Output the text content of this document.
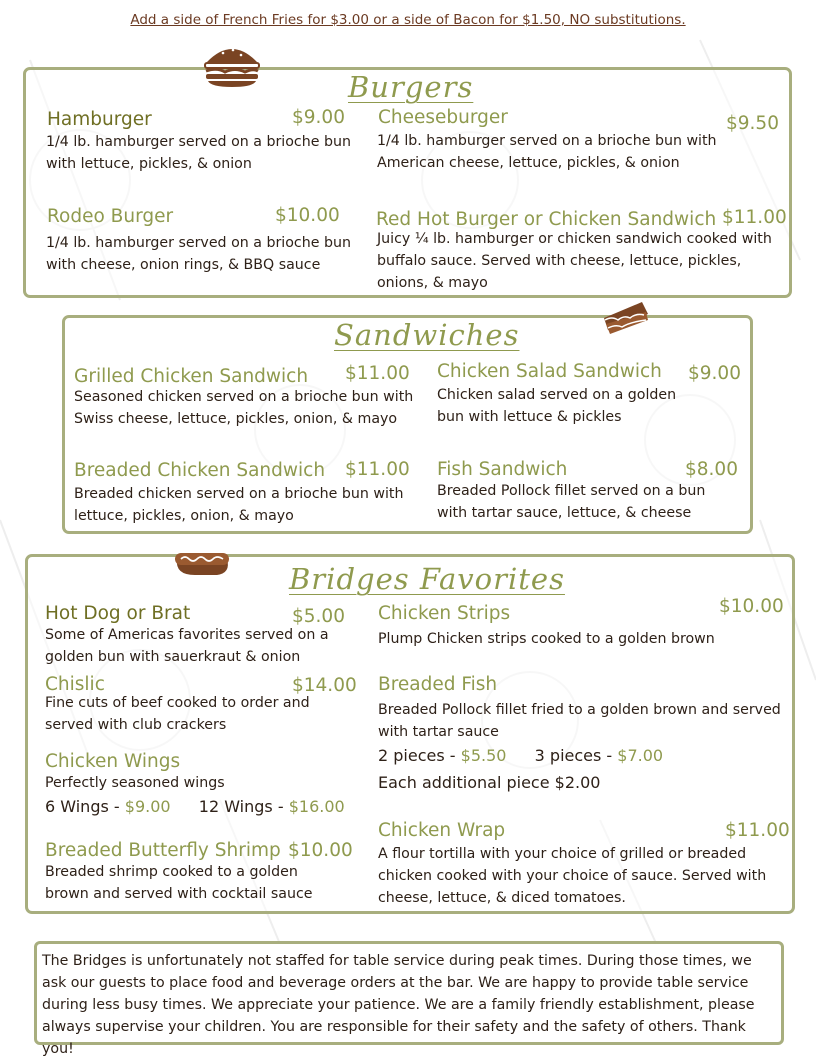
Add a side of French Fries for $3.00 or a side of Bacon for $1.50, NO substitutions.
Burgers
Hamburger	$9.00
1/4 lb. hamburger served on a brioche bun
with lettuce, pickles, & onion
Cheeseburger	$9.50
1/4 lb. hamburger served on a brioche bun with
American cheese, lettuce, pickles, & onion
Rodeo Burger	$10.00
1/4 lb. hamburger served on a brioche bun
with cheese, onion rings, & BBQ sauce
Red Hot Burger or Chicken Sandwich $11.00
Juicy ¼ lb. hamburger or chicken sandwich cooked with
buffalo sauce. Served with cheese, lettuce, pickles,
onions, & mayo
Sandwiches
Grilled Chicken Sandwich $11.00
Seasoned chicken served on a brioche bun with
Swiss cheese, lettuce, pickles, onion, & mayo
Chicken Salad Sandwich $9.00
Chicken salad served on a golden
bun with lettuce & pickles
Breaded Chicken Sandwich $11.00
Breaded chicken served on a brioche bun with
lettuce, pickles, onion, & mayo
Fish Sandwich	$8.00
Breaded Pollock fillet served on a bun
with tartar sauce, lettuce, & cheese
Bridges Favorites
Hot Dog or Brat	$5.00
Some of Americas favorites served on a
golden bun with sauerkraut & onion
Chislic	$14.00
Fine cuts of beef cooked to order and
served with club crackers
Chicken Wings
Perfectly seasoned wings
6 Wings - $9.00 12 Wings - $16.00
Breaded Butterfly Shrimp $10.00
Breaded shrimp cooked to a golden
brown and served with cocktail sauce
Chicken Strips	$10.00
Plump Chicken strips cooked to a golden brown
Breaded Fish
Breaded Pollock fillet fried to a golden brown and served
with tartar sauce
2 pieces - $5.50 3 pieces - $7.00
Each additional piece $2.00
Chicken Wrap	$11.00
A flour tortilla with your choice of grilled or breaded
chicken cooked with your choice of sauce. Served with
cheese, lettuce, & diced tomatoes.
The Bridges is unfortunately not staffed for table service during peak times. During those times, we ask our guests to place food and beverage orders at the bar. We are happy to provide table service during less busy times. We appreciate your patience. We are a family friendly establishment, please always supervise your children. You are responsible for their safety and the safety of others. Thank you!
